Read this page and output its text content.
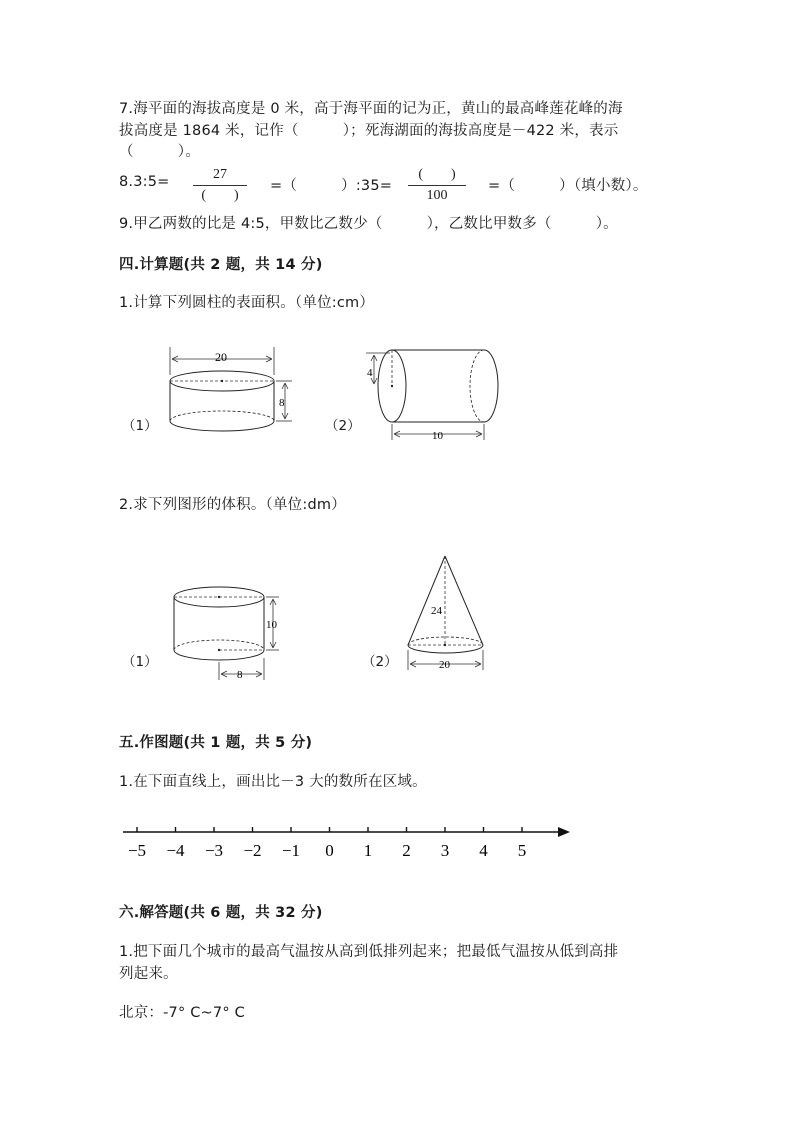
7.海平面的海拔高度是 0 米，高于海平面的记为正，黄山的最高峰莲花峰的海
拔高度是 1864 米，记作（　　　）；死海湖面的海拔高度是－422 米，表示
（　　　）。
8.3:5=	27
(　　)
=（　　　）:35=
(　　)
100
=（　　　）（填小数）。
9.甲乙两数的比是 4:5，甲数比乙数少（　　　），乙数比甲数多（　　　）。
四.计算题(共 2 题，共 14 分)
1.计算下列圆柱的表面积。（单位:cm）
（1）
20
8
（2）
4
10
2.求下列图形的体积。（单位:dm）
（1）
10
8
（2）
24
20
五.作图题(共 1 题，共 5 分)
1.在下面直线上，画出比－3 大的数所在区域。
−5 −4 −3 −2 −1 0 1 2 3 4 5
六.解答题(共 6 题，共 32 分)
1.把下面几个城市的最高气温按从高到低排列起来；把最低气温按从低到高排
列起来。
北京：-7° C~7° C
